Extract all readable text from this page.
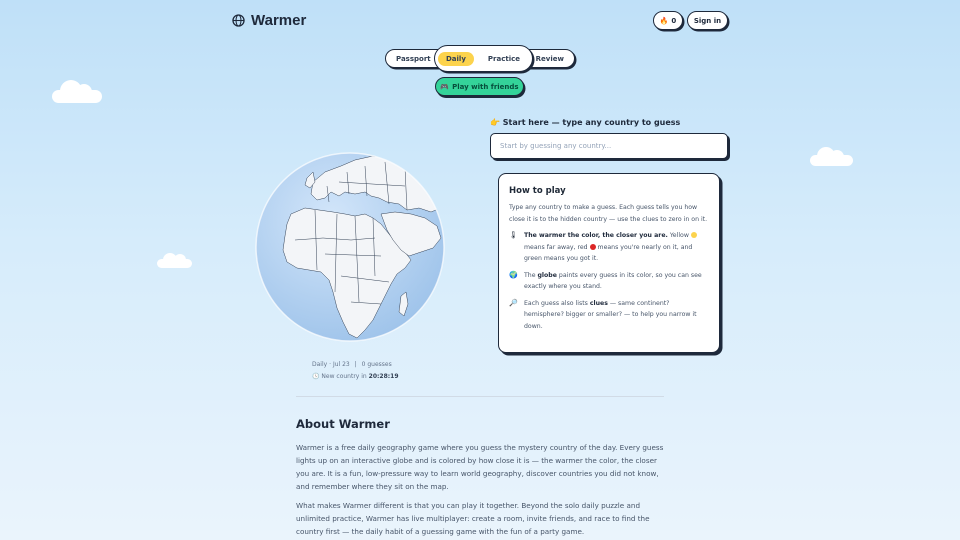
Warmer	🔥 0	Sign in
Passport	Review
Daily	Practice
🎮 Play with friends
Daily · Jul 23 | 0 guesses
🕓 New country in 20:28:19
👉 Start here — type any country to guess
Start by guessing any country...
How to play

Type any country to make a guess. Each guess tells you how close it is to the hidden country — use the clues to zero in on it.

🌡 The warmer the color, the closer you are. Yellow  means far away, red  means you're nearly on it, and green means you got it.

🌍 The globe paints every guess in its color, so you can see exactly where you stand.

🔎 Each guess also lists clues — same continent? hemisphere? bigger or smaller? — to help you narrow it down.

About Warmer

Warmer is a free daily geography game where you guess the mystery country of the day. Every guess lights up on an interactive globe and is colored by how close it is — the warmer the color, the closer you are. It is a fun, low-pressure way to learn world geography, discover countries you did not know, and remember where they sit on the map.

What makes Warmer different is that you can play it together. Beyond the solo daily puzzle and unlimited practice, Warmer has live multiplayer: create a room, invite friends, and race to find the country first — the daily habit of a guessing game with the fun of a party game.
